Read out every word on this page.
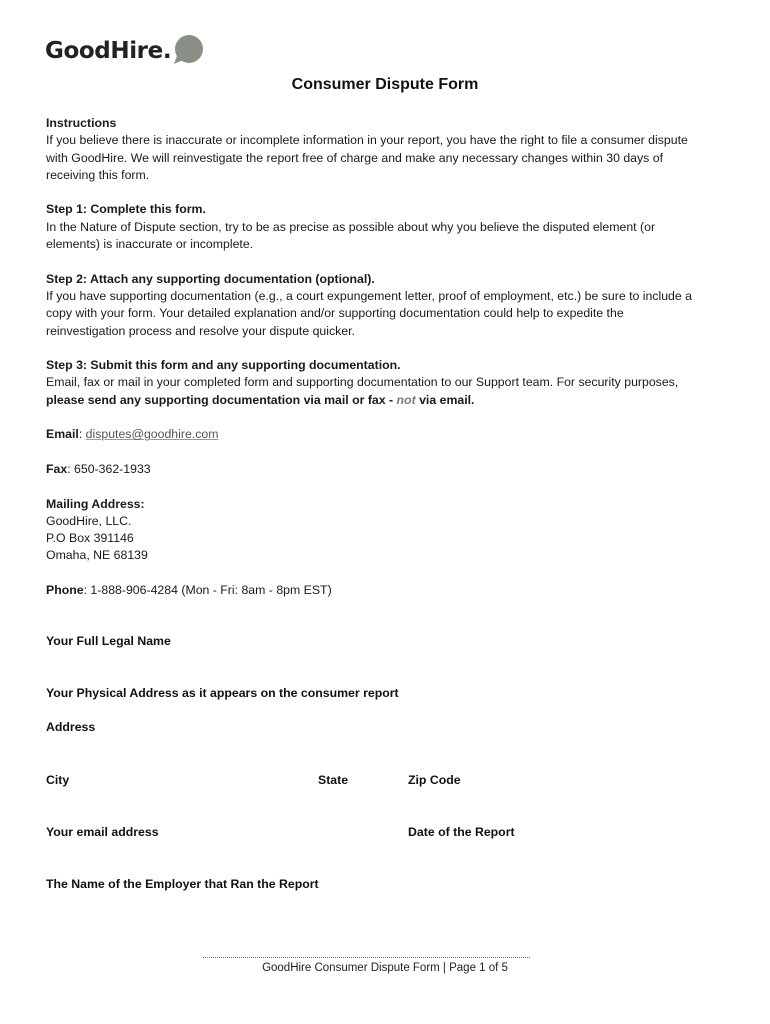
GoodHire.
Consumer Dispute Form

Instructions

If you believe there is inaccurate or incomplete information in your report, you have the right to file a consumer dispute with GoodHire. We will reinvestigate the report free of charge and make any necessary changes within 30 days of receiving this form.

Step 1: Complete this form.

In the Nature of Dispute section, try to be as precise as possible about why you believe the disputed element (or elements) is inaccurate or incomplete.

Step 2: Attach any supporting documentation (optional).

If you have supporting documentation (e.g., a court expungement letter, proof of employment, etc.) be sure to include a copy with your form. Your detailed explanation and/or supporting documentation could help to expedite the reinvestigation process and resolve your dispute quicker.

Step 3: Submit this form and any supporting documentation.

Email, fax or mail in your completed form and supporting documentation to our Support team. For security purposes, please send any supporting documentation via mail or fax - not via email.

Email: disputes@goodhire.com

Fax: 650-362-1933

Mailing Address:

GoodHire, LLC.

P.O Box 391146

Omaha, NE 68139

Phone: 1-888-906-4284 (Mon - Fri: 8am - 8pm EST)

Your Full Legal Name
Your Physical Address as it appears on the consumer report
Address
City	State	Zip Code
Your email address	Date of the Report
The Name of the Employer that Ran the Report
GoodHire Consumer Dispute Form | Page 1 of 5
